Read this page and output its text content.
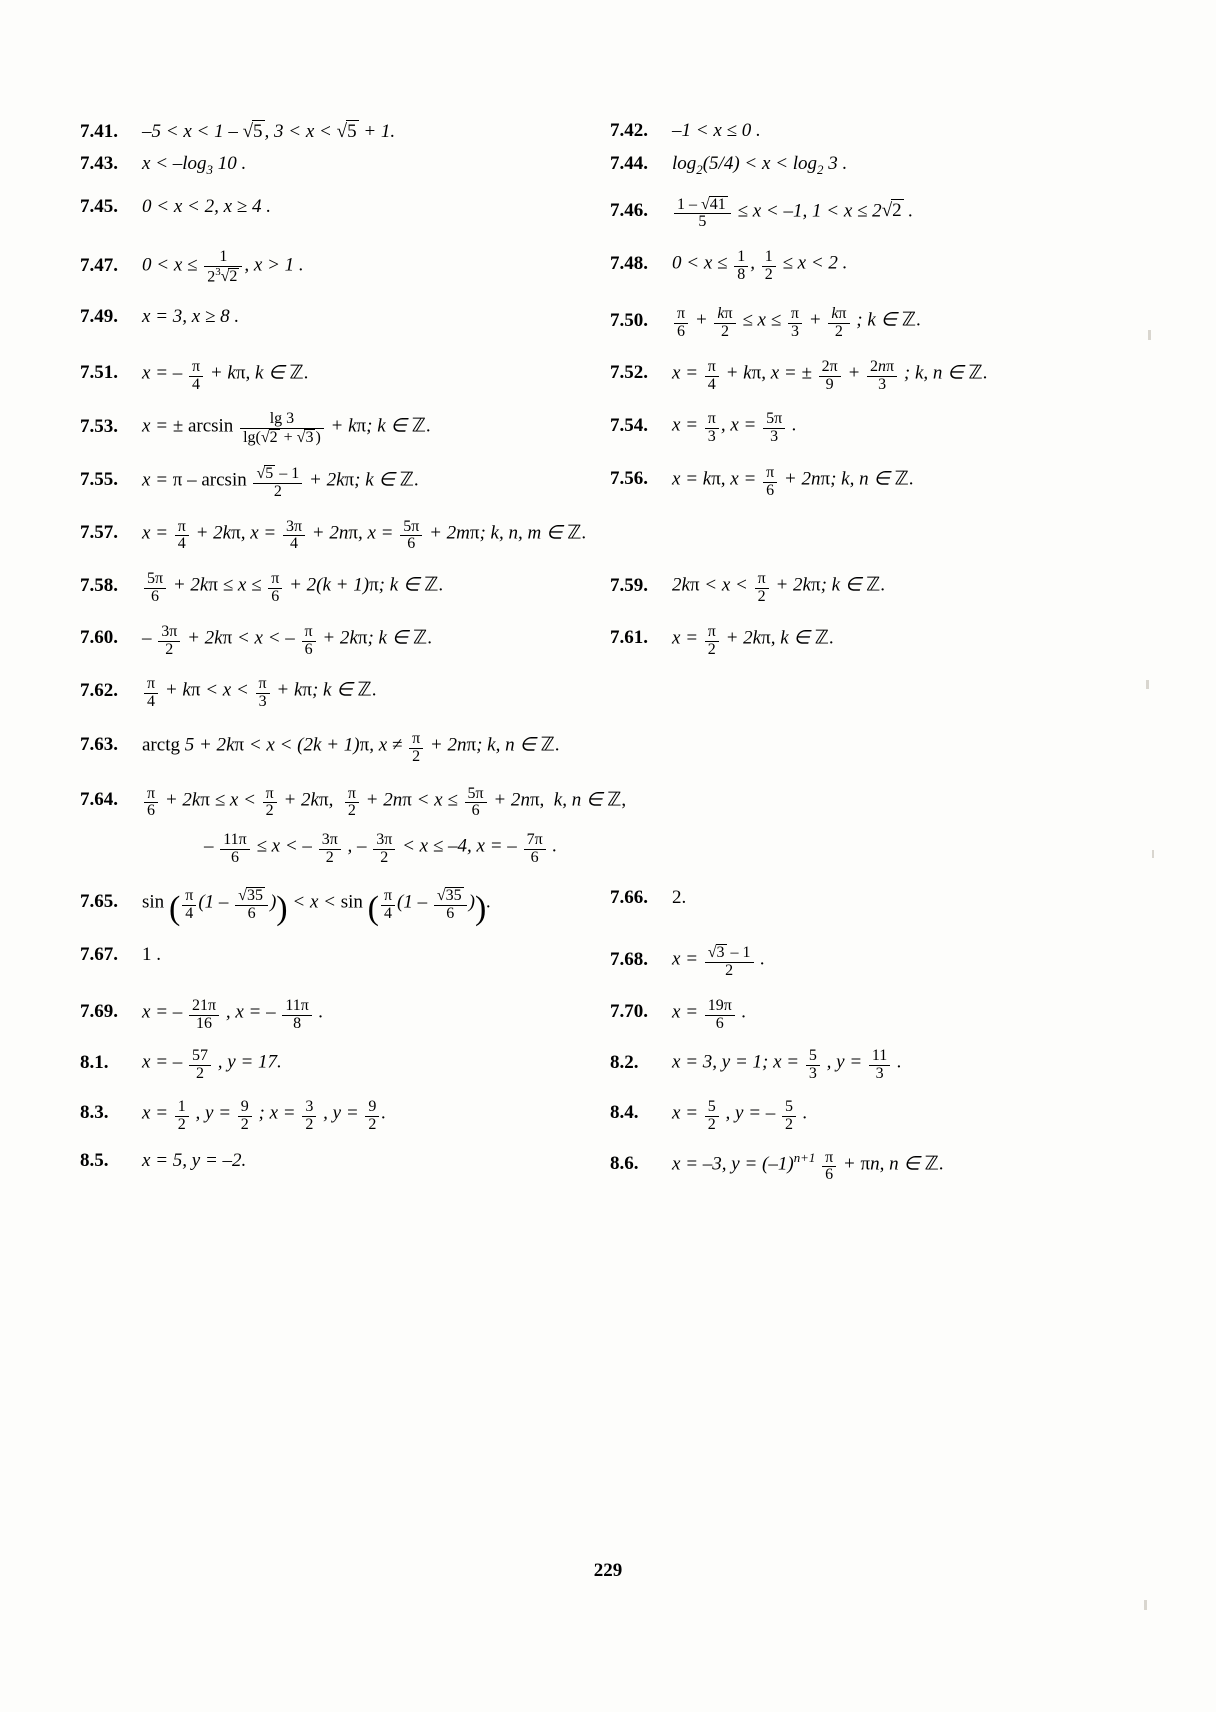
7.41.	–5 < x < 1 – √5 , 3 < x < √5 + 1.	7.42.	–1 < x ≤ 0 .
7.43.	$x < -\log_3$ 10 .	7.44.	$\log_2(5/4) < x < \log_2 3$ .
7.45.	0 < x < 2, x ≥ 4 .	7.46.	$\frac{1 - √41}{5} \le x < -1$, 1 < x ≤ 2√2 .
7.47.	$0 < x \le \frac{1}{2^3√2}$ , x > 1 .	7.48.	$0 < x \le \frac{1}{8}$ , $\frac{1}{2} \le x < 2$ .
7.49.	x = 3, x ≥ 8 .	7.50.	$\frac{\pi}{6} + \frac{k\pi}{2} \le x \le \frac{\pi}{3} + \frac{k\pi}{2}$ ; k ∈ ℤ.
7.51.	x = – $\frac{\pi}{4} + k\pi$, k ∈ ℤ.	7.52.	$x = \frac{\pi}{4} + k\pi$, x = ± $\frac{2\pi}{9} + \frac{2n\pi}{3}$ ; k, n ∈ ℤ.
7.53.	x = ± $\arcsin \frac{\lg 3}{\lg(√2 + √3 )} + k\pi$; k ∈ ℤ.	7.54.	$x = \frac{\pi}{3}$ , $x = \frac{5\pi}{3}$ .
7.55.	$x = \pi - \arcsin \frac{√5 - 1}{2} + 2k\pi$; k ∈ ℤ.	7.56.	x = kπ, $x = \frac{\pi}{6} + 2n\pi$; k, n ∈ ℤ.
7.57.	$x = \frac{\pi}{4} + 2k\pi$, $x = \frac{3\pi}{4} + 2n\pi$, $x = \frac{5\pi}{6} + 2m\pi$; k, n, m ∈ ℤ.
7.58.	$\frac{5\pi}{6} + 2k\pi \le x \le \frac{\pi}{6} + 2(k + 1)\pi$; k ∈ ℤ.	7.59.	$2k\pi < x < \frac{\pi}{2} + 2k\pi$; k ∈ ℤ.
7.60.	– $\frac{3\pi}{2} + 2k\pi < x$ < – $\frac{\pi}{6} + 2k\pi$; k ∈ ℤ.	7.61.	$x = \frac{\pi}{2} + 2k\pi$, k ∈ ℤ.
7.62.	$\frac{\pi}{4} + k\pi < x < \frac{\pi}{3} + k\pi$; k ∈ ℤ.
7.63.	arctg 5 + 2kπ < x < (2k + 1)π, $x \ne \frac{\pi}{2} + 2n\pi$; k, n ∈ ℤ.
7.64.	$\frac{\pi}{6} + 2k\pi \le x < \frac{\pi}{2} + 2k\pi$, $\frac{\pi}{2} + 2n\pi < x \le \frac{5\pi}{6} + 2n\pi$,  k, n ∈ ℤ,
– $\frac{11\pi}{6} \le x$ < – $\frac{3\pi}{2}$ , – $\frac{3\pi}{2} < x \le -4$, x = – $\frac{7\pi}{6}$ .
7.65.	sin ( $\frac{\pi}{4} (1 - \frac{√35}{6}$ )) < x < sin ( $\frac{\pi}{4} (1 - \frac{√35}{6}$ )).	7.66.	2.
7.67.	1 .	7.68.	$x = \frac{√3 - 1}{2}$ .
7.69.	x = – $\frac{21\pi}{16}$ , x = – $\frac{11\pi}{8}$ .	7.70.	$x = \frac{19\pi}{6}$ .
8.1.	x = – $\frac{57}{2}$ , y = 17.	8.2.	x = 3, y = 1; $x = \frac{5}{3}$ , $y = \frac{11}{3}$ .
8.3.	$x = \frac{1}{2}$ , $y = \frac{9}{2}$ ; $x = \frac{3}{2}$ , $y = \frac{9}{2}$ .	8.4.	$x = \frac{5}{2}$ , y = – $\frac{5}{2}$ .
8.5.	x = 5, y = –2.	8.6.	x = –3, $y = (-1)^{n+1} \frac{\pi}{6} + \pi n$, n ∈ ℤ.
229
